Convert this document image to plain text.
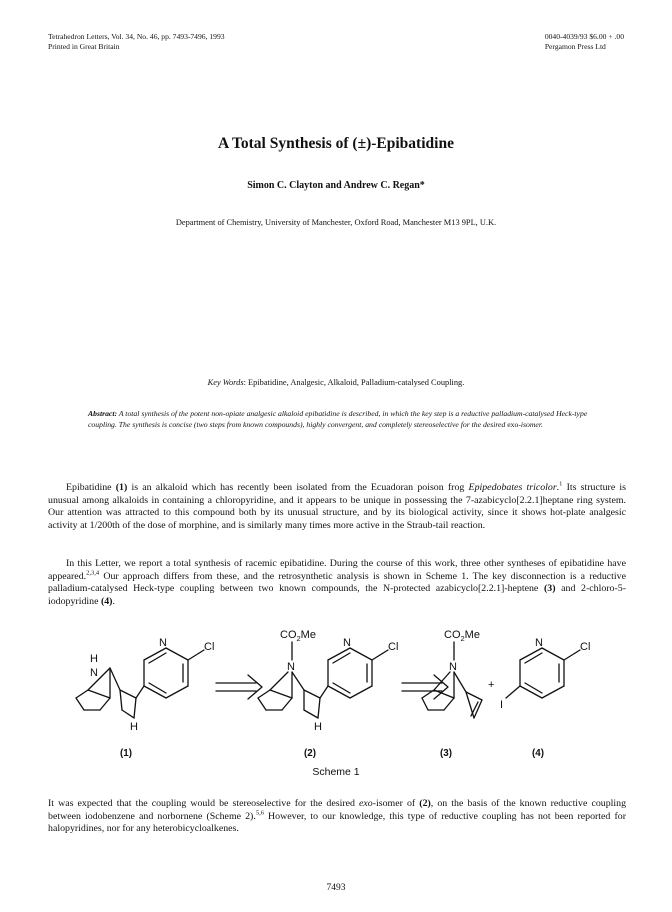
Tetrahedron Letters, Vol. 34, No. 46, pp. 7493-7496, 1993
Printed in Great Britain
0040-4039/93 $6.00 + .00
Pergamon Press Ltd
A Total Synthesis of (±)-Epibatidine
Simon C. Clayton and Andrew C. Regan*
Department of Chemistry, University of Manchester, Oxford Road, Manchester M13 9PL, U.K.
Key Words: Epibatidine, Analgesic, Alkaloid, Palladium-catalysed Coupling.
Abstract: A total synthesis of the potent non-opiate analgesic alkaloid epibatidine is described, in which the key step is a reductive palladium-catalysed Heck-type coupling. The synthesis is concise (two steps from known compounds), highly convergent, and completely stereoselective for the desired exo-isomer.
Epibatidine (1) is an alkaloid which has recently been isolated from the Ecuadoran poison frog Epipedobates tricolor.$^1$ Its structure is unusual among alkaloids in containing a chloropyridine, and it appears to be unique in possessing the 7-azabicyclo[2.2.1]heptane ring system. Our attention was attracted to this compound both by its unusual structure, and by its biological activity, since it shows hot-plate analgesic activity at 1/200th of the dose of morphine, and is similarly many times more active in the Straub-tail reaction.
In this Letter, we report a total synthesis of racemic epibatidine. During the course of this work, three other syntheses of epibatidine have appeared.$^{2,3,4}$ Our approach differs from these, and the retrosynthetic analysis is shown in Scheme 1. The key disconnection is a reductive palladium-catalysed Heck-type coupling between two known compounds, the N-protected azabicyclo[2.2.1]-heptene (3) and 2-chloro-5-iodopyridine (4).
H
N
N	Cl
H
$CO_2Me$
N
N	Cl
H
$CO_2Me$
N
+
N	Cl
I
(1)	(2)	(3)	(4)
Scheme 1
It was expected that the coupling would be stereoselective for the desired exo-isomer of (2), on the basis of the known reductive coupling between iodobenzene and norbornene (Scheme 2).$^{5,6}$ However, to our knowledge, this type of reductive coupling has not been reported for halopyridines, nor for any heterobicycloalkenes.
7493
